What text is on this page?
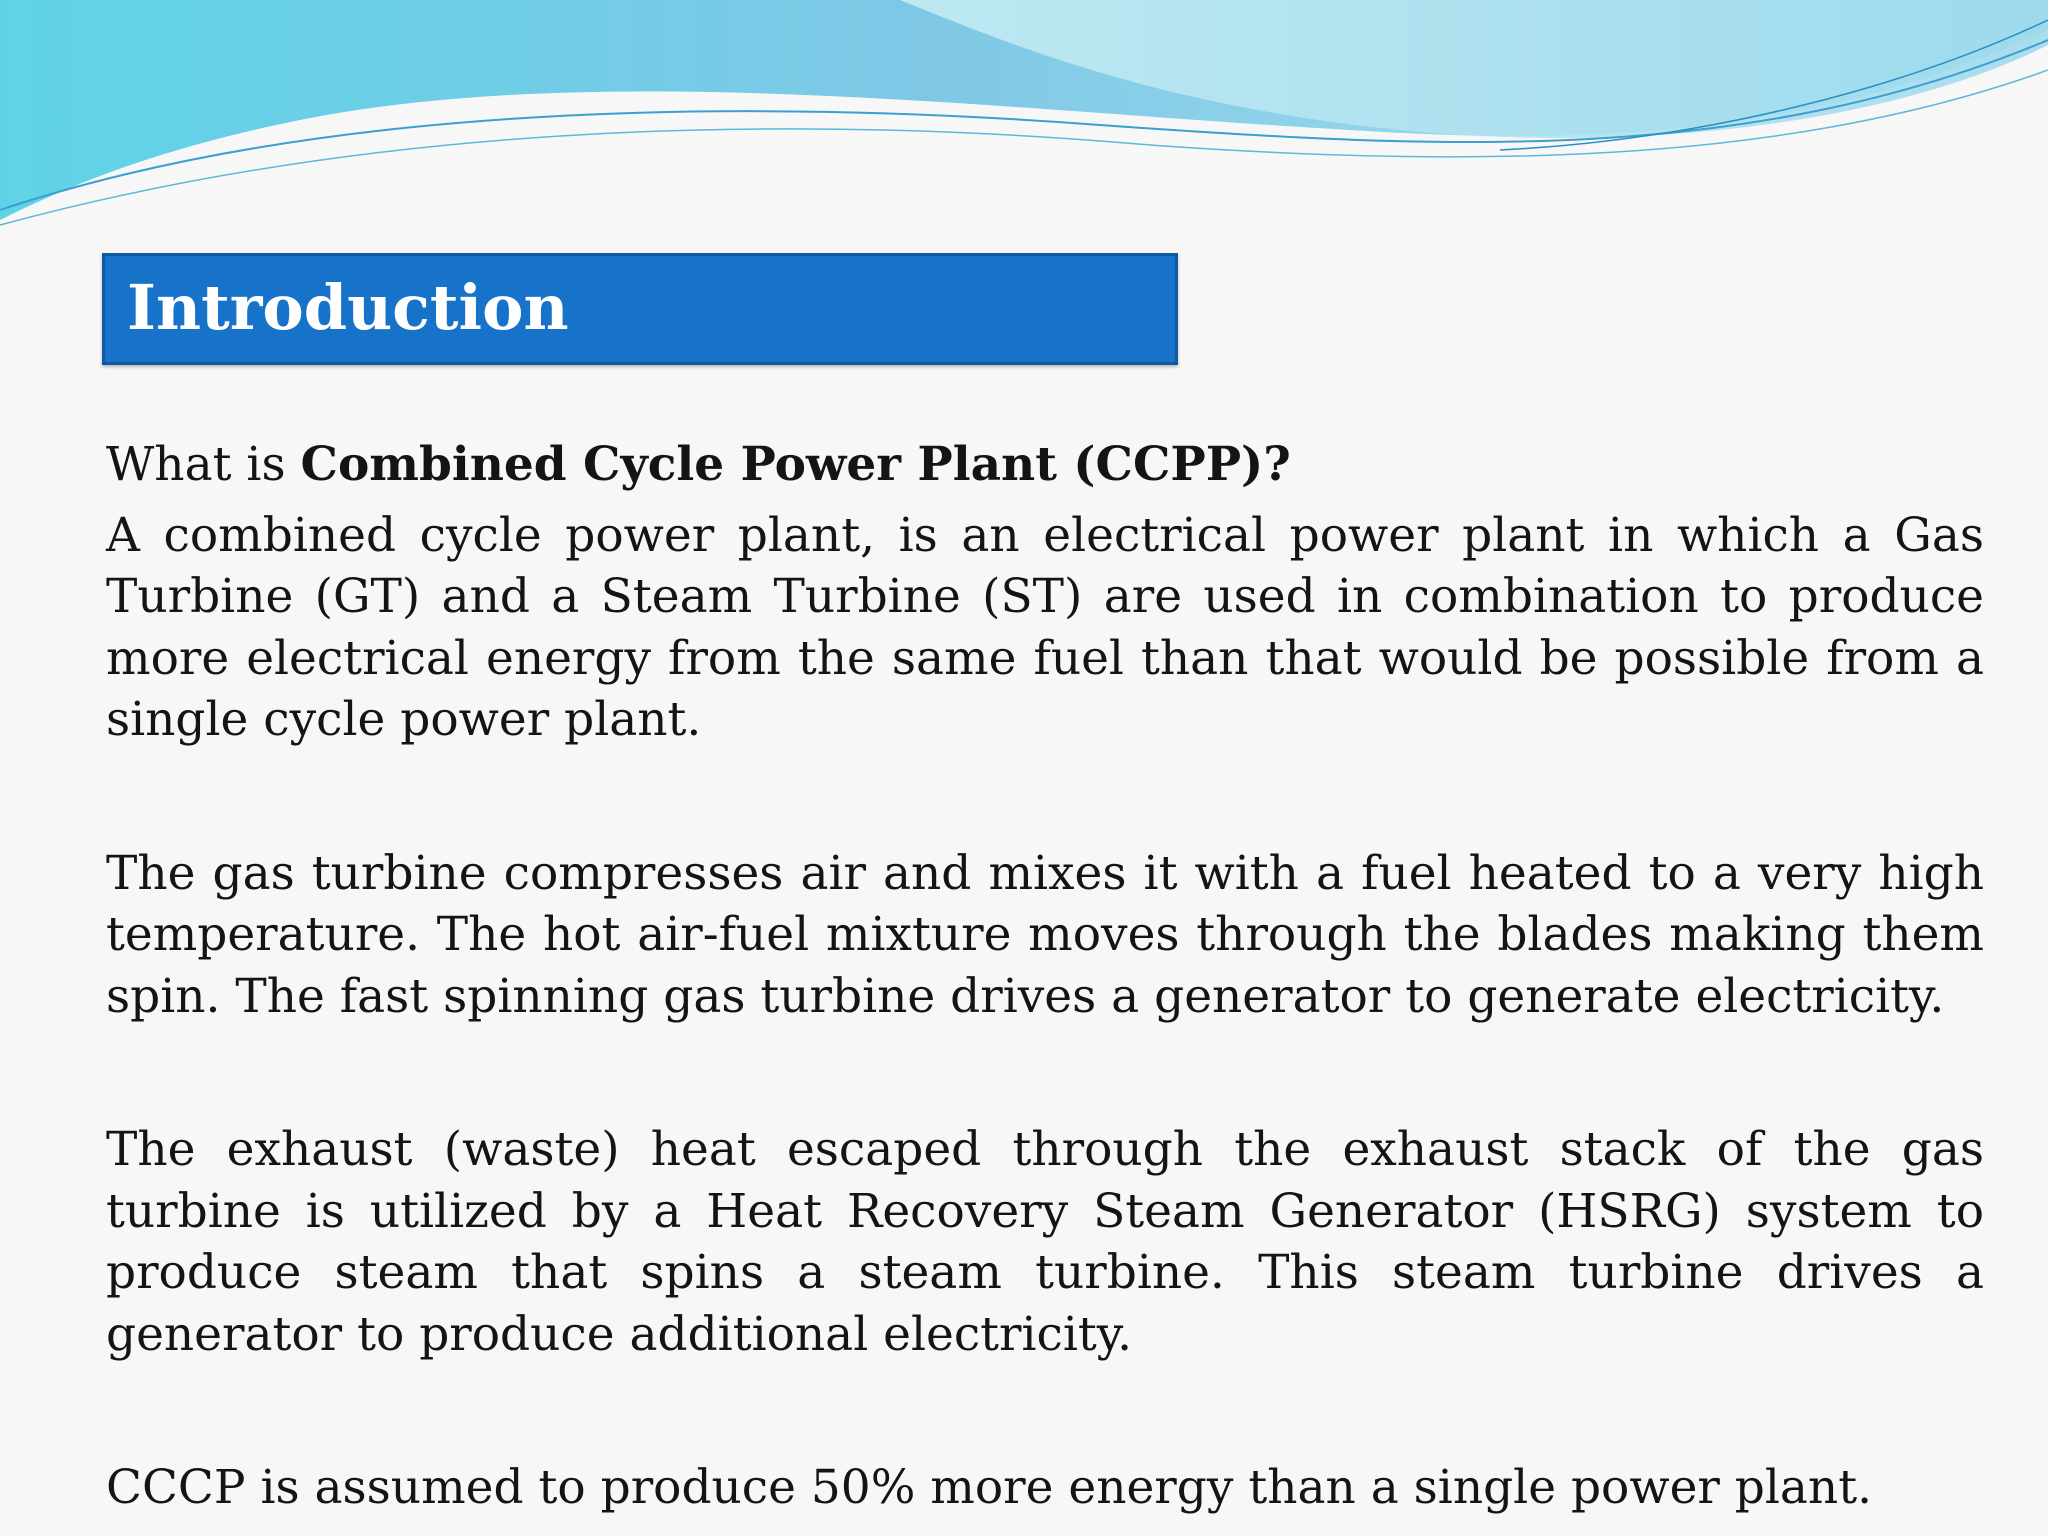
Introduction

What is Combined Cycle Power Plant (CCPP)?

A combined cycle power plant, is an electrical power plant in which a Gas Turbine (GT) and a Steam Turbine (ST) are used in combination to produce more electrical energy from the same fuel than that would be possible from a single cycle power plant.

The gas turbine compresses air and mixes it with a fuel heated to a very high temperature. The hot air-fuel mixture moves through the blades making them spin. The fast spinning gas turbine drives a generator to generate electricity.

The exhaust (waste) heat escaped through the exhaust stack of the gas turbine is utilized by a Heat Recovery Steam Generator (HSRG) system to produce steam that spins a steam turbine. This steam turbine drives a generator to produce additional electricity.

CCCP is assumed to produce 50% more energy than a single power plant.
